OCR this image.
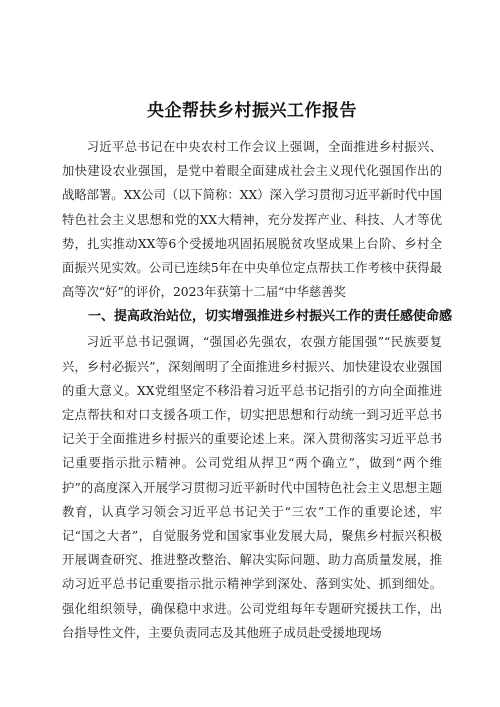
央企帮扶乡村振兴工作报告

习近平总书记在中央农村工作会议上强调，全面推进乡村振兴、加快建设农业强国，是党中着眼全面建成社会主义现代化强国作出的战略部署。XX公司（以下简称：XX）深入学习贯彻习近平新时代中国特色社会主义思想和党的XX大精神，充分发挥产业、科技、人才等优势，扎实推动XX等6个受援地巩固拓展脱贫攻坚成果上台阶、乡村全面振兴见实效。公司已连续5年在中央单位定点帮扶工作考核中获得最高等次“好”的评价，2023年获第十二届“中华慈善奖

一、提高政治站位，切实增强推进乡村振兴工作的责任感使命感

习近平总书记强调，“强国必先强农，农强方能国强”“民族要复兴，乡村必振兴”，深刻阐明了全面推进乡村振兴、加快建设农业强国的重大意义。XX党组坚定不移沿着习近平总书记指引的方向全面推进定点帮扶和对口支援各项工作，切实把思想和行动统一到习近平总书记关于全面推进乡村振兴的重要论述上来。深入贯彻落实习近平总书记重要指示批示精神。公司党组从捍卫“两个确立”，做到“两个维护”的高度深入开展学习贯彻习近平新时代中国特色社会主义思想主题教育，认真学习领会习近平总书记关于“三农”工作的重要论述，牢记“国之大者”，自觉服务党和国家事业发展大局，聚焦乡村振兴积极开展调查研究、推进整改整治、解决实际问题、助力高质量发展，推动习近平总书记重要指示批示精神学到深处、落到实处、抓到细处。强化组织领导，确保稳中求进。公司党组每年专题研究援扶工作，出台指导性文件，主要负责同志及其他班子成员赴受援地现场
